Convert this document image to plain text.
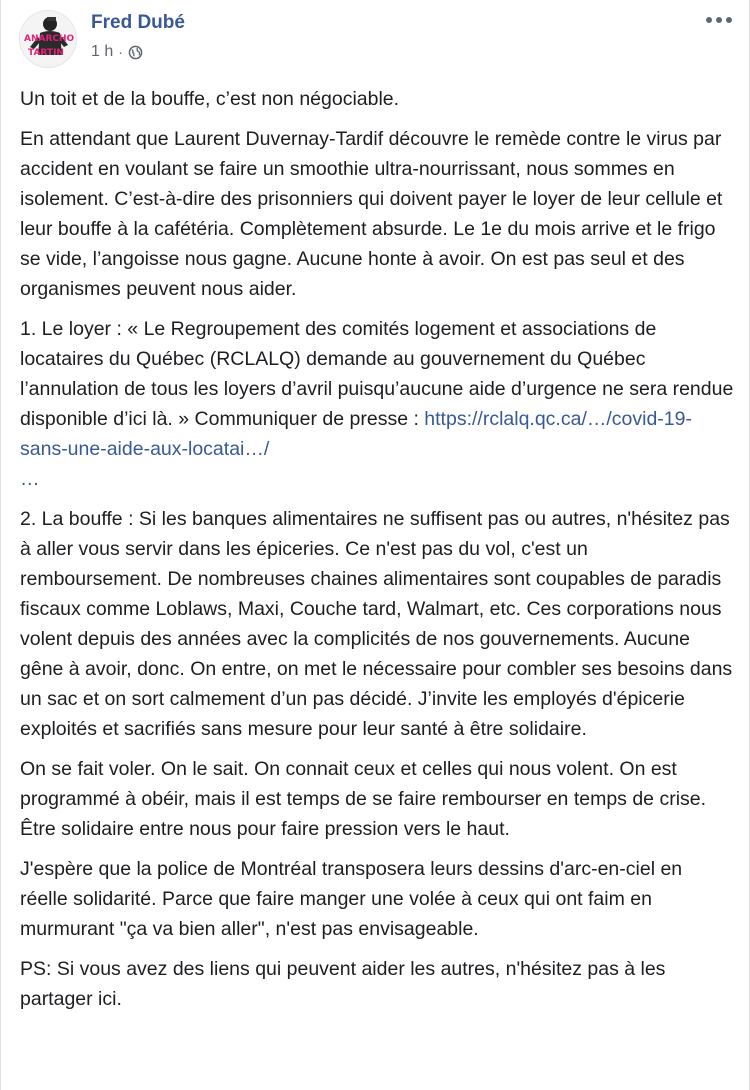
ANARCHO
TARTIN
Fred Dubé
1 h ·

Un toit et de la bouffe, c’est non négociable.

En attendant que Laurent Duvernay-Tardif découvre le remède contre le virus par accident en voulant se faire un smoothie ultra-nourrissant, nous sommes en isolement. C’est-à-dire des prisonniers qui doivent payer le loyer de leur cellule et leur bouffe à la cafétéria. Complètement absurde. Le 1e du mois arrive et le frigo se vide, l’angoisse nous gagne. Aucune honte à avoir. On est pas seul et des organismes peuvent nous aider.

1. Le loyer : « Le Regroupement des comités logement et associations de locataires du Québec (RCLALQ) demande au gouvernement du Québec l’annulation de tous les loyers d’avril puisqu’aucune aide d’urgence ne sera rendue disponible d’ici là. » Communiquer de presse : https://rclalq.qc.ca/…/covid-19-sans-une-aide-aux-locatai…/
…

2. La bouffe : Si les banques alimentaires ne suffisent pas ou autres, n'hésitez pas à aller vous servir dans les épiceries. Ce n'est pas du vol, c'est un remboursement. De nombreuses chaines alimentaires sont coupables de paradis fiscaux comme Loblaws, Maxi, Couche tard, Walmart, etc. Ces corporations nous volent depuis des années avec la complicités de nos gouvernements. Aucune gêne à avoir, donc. On entre, on met le nécessaire pour combler ses besoins dans un sac et on sort calmement d’un pas décidé. J’invite les employés d'épicerie exploités et sacrifiés sans mesure pour leur santé à être solidaire.

On se fait voler. On le sait. On connait ceux et celles qui nous volent. On est programmé à obéir, mais il est temps de se faire rembourser en temps de crise. Être solidaire entre nous pour faire pression vers le haut.

J'espère que la police de Montréal transposera leurs dessins d'arc-en-ciel en réelle solidarité. Parce que faire manger une volée à ceux qui ont faim en murmurant "ça va bien aller", n'est pas envisageable.

PS: Si vous avez des liens qui peuvent aider les autres, n'hésitez pas à les partager ici.
